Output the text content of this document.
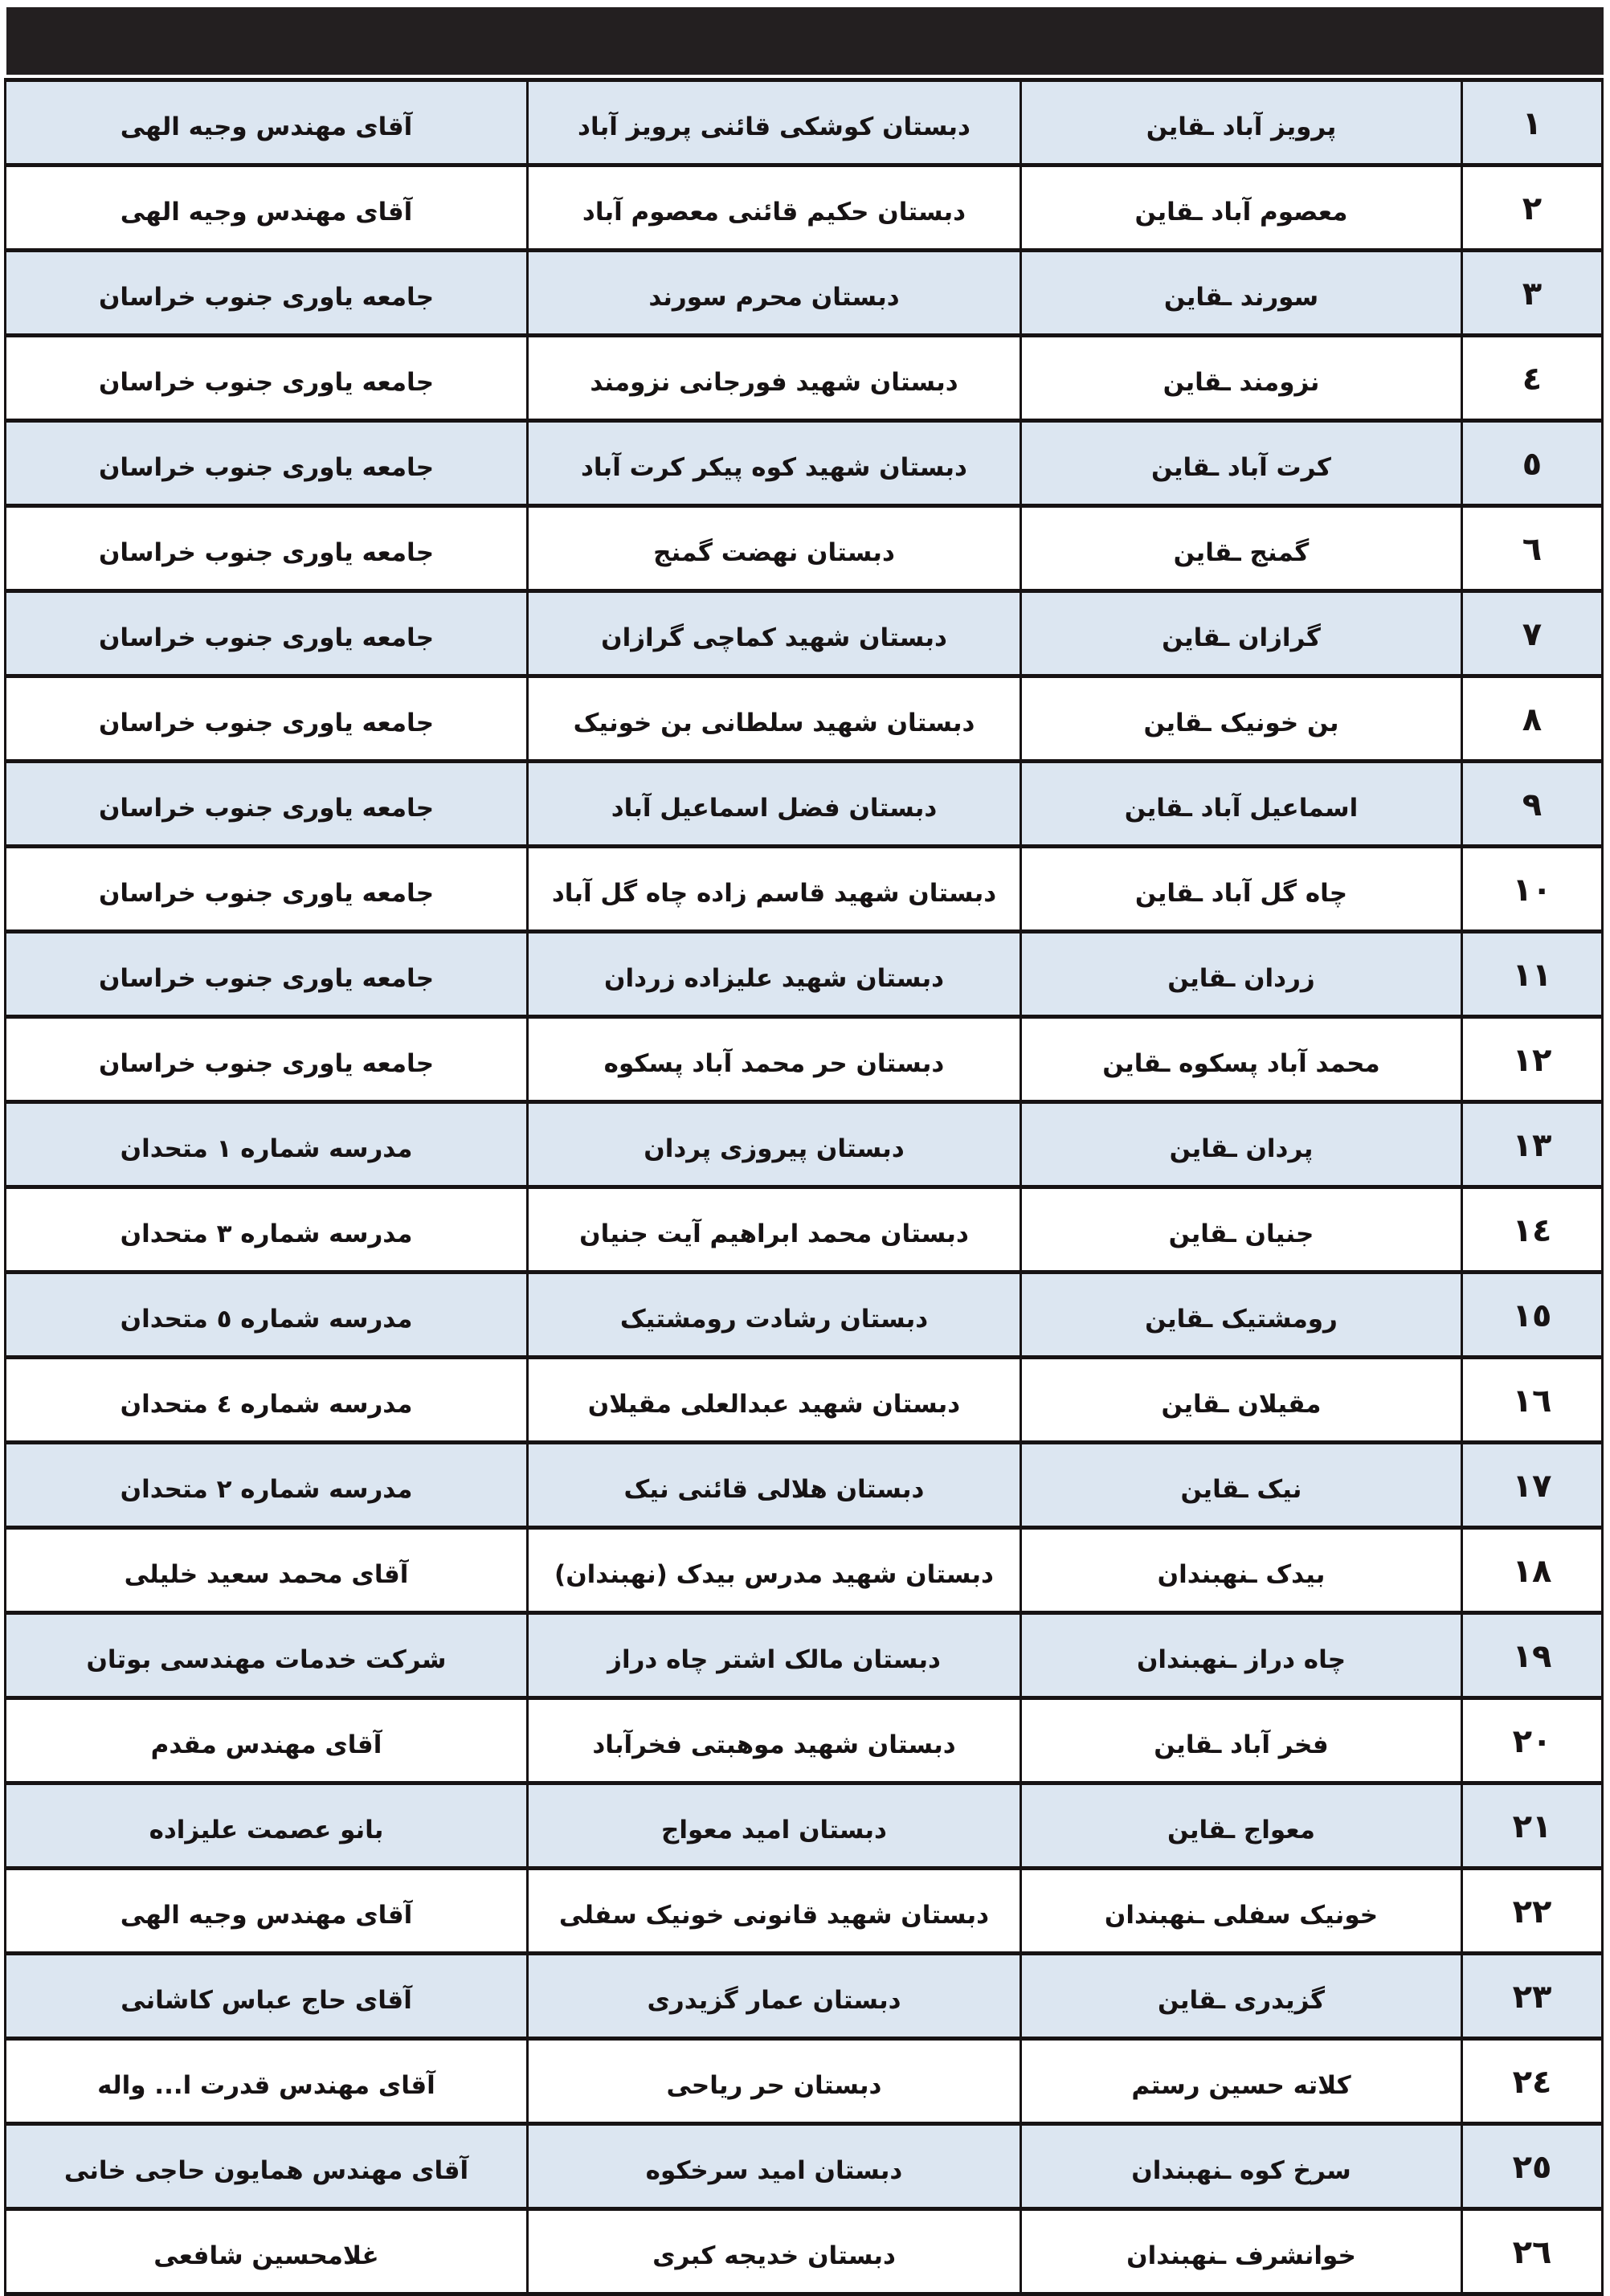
١	پرویز آباد ـقاین	دبستان کوشکی قائنی پرویز آباد	آقای مهندس وجیه الهی
٢	معصوم آباد ـقاین	دبستان حکیم قائنی معصوم آباد	آقای مهندس وجیه الهی
٣	سورند ـقاین	دبستان محرم سورند	جامعه یاوری جنوب خراسان
٤	نزومند ـقاین	دبستان شهید فورجانی نزومند	جامعه یاوری جنوب خراسان
٥	کرت آباد ـقاین	دبستان شهید کوه پیکر کرت آباد	جامعه یاوری جنوب خراسان
٦	گمنج ـقاین	دبستان نهضت گمنج	جامعه یاوری جنوب خراسان
٧	گرازان ـقاین	دبستان شهید کماچی گرازان	جامعه یاوری جنوب خراسان
٨	بن خونیک ـقاین	دبستان شهید سلطانی بن خونیک	جامعه یاوری جنوب خراسان
٩	اسماعیل آباد ـقاین	دبستان فضل اسماعیل آباد	جامعه یاوری جنوب خراسان
١٠	چاه گل آباد ـقاین	دبستان شهید قاسم زاده چاه گل آباد	جامعه یاوری جنوب خراسان
١١	زردان ـقاین	دبستان شهید علیزاده زردان	جامعه یاوری جنوب خراسان
١٢	محمد آباد پسکوه ـقاین	دبستان حر محمد آباد پسکوه	جامعه یاوری جنوب خراسان
١٣	پردان ـقاین	دبستان پیروزی پردان	مدرسه شماره ١ متحدان
١٤	جنیان ـقاین	دبستان محمد ابراهیم آیت جنیان	مدرسه شماره ٣ متحدان
١٥	رومشتیک ـقاین	دبستان رشادت رومشتیک	مدرسه شماره ٥ متحدان
١٦	مقیلان ـقاین	دبستان شهید عبدالعلی مقیلان	مدرسه شماره ٤ متحدان
١٧	نیک ـقاین	دبستان هلالی قائنی نیک	مدرسه شماره ٢ متحدان
١٨	بیدک ـنهبندان	دبستان شهید مدرس بیدک (نهبندان)	آقای محمد سعید خلیلی
١٩	چاه دراز ـنهبندان	دبستان مالک اشتر چاه دراز	شرکت خدمات مهندسی بوتان
٢٠	فخر آباد ـقاین	دبستان شهید موهبتی فخرآباد	آقای مهندس مقدم
٢١	معواج ـقاین	دبستان امید معواج	بانو عصمت علیزاده
٢٢	خونیک سفلی ـنهبندان	دبستان شهید قانونی خونیک سفلی	آقای مهندس وجیه الهی
٢٣	گزیدری ـقاین	دبستان عمار گزیدری	آقای حاج عباس کاشانی
٢٤	کلاته حسین رستم	دبستان حر ریاحی	آقای مهندس قدرت ا... واله
٢٥	سرخ کوه ـنهبندان	دبستان امید سرخکوه	آقای مهندس همایون حاجی خانی
٢٦	خوانشرف ـنهبندان	دبستان خدیجه کبری	غلامحسین شافعی
